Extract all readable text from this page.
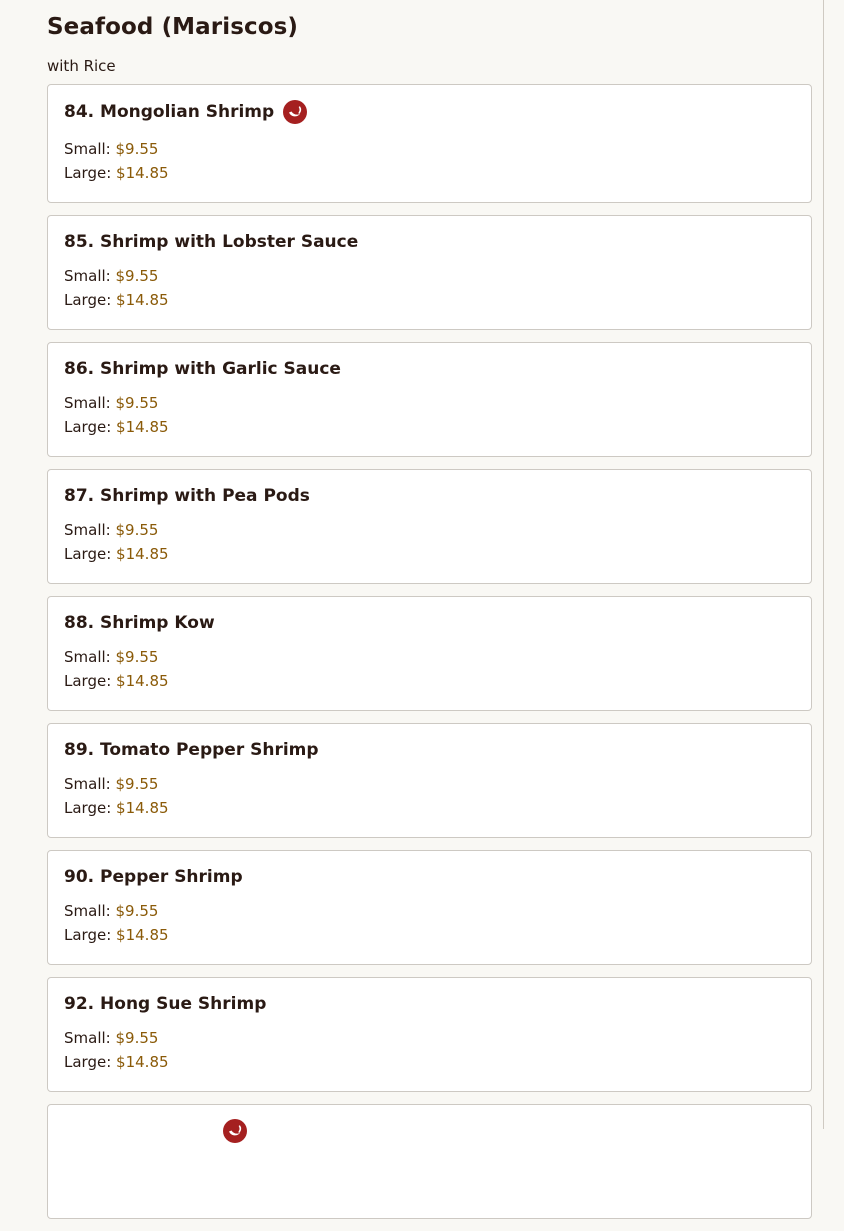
Seafood (Mariscos)
with Rice
84. Mongolian Shrimp
Small: $9.55
Large: $14.85
85. Shrimp with Lobster Sauce
Small: $9.55
Large: $14.85
86. Shrimp with Garlic Sauce
Small: $9.55
Large: $14.85
87. Shrimp with Pea Pods
Small: $9.55
Large: $14.85
88. Shrimp Kow
Small: $9.55
Large: $14.85
89. Tomato Pepper Shrimp
Small: $9.55
Large: $14.85
90. Pepper Shrimp
Small: $9.55
Large: $14.85
92. Hong Sue Shrimp
Small: $9.55
Large: $14.85
